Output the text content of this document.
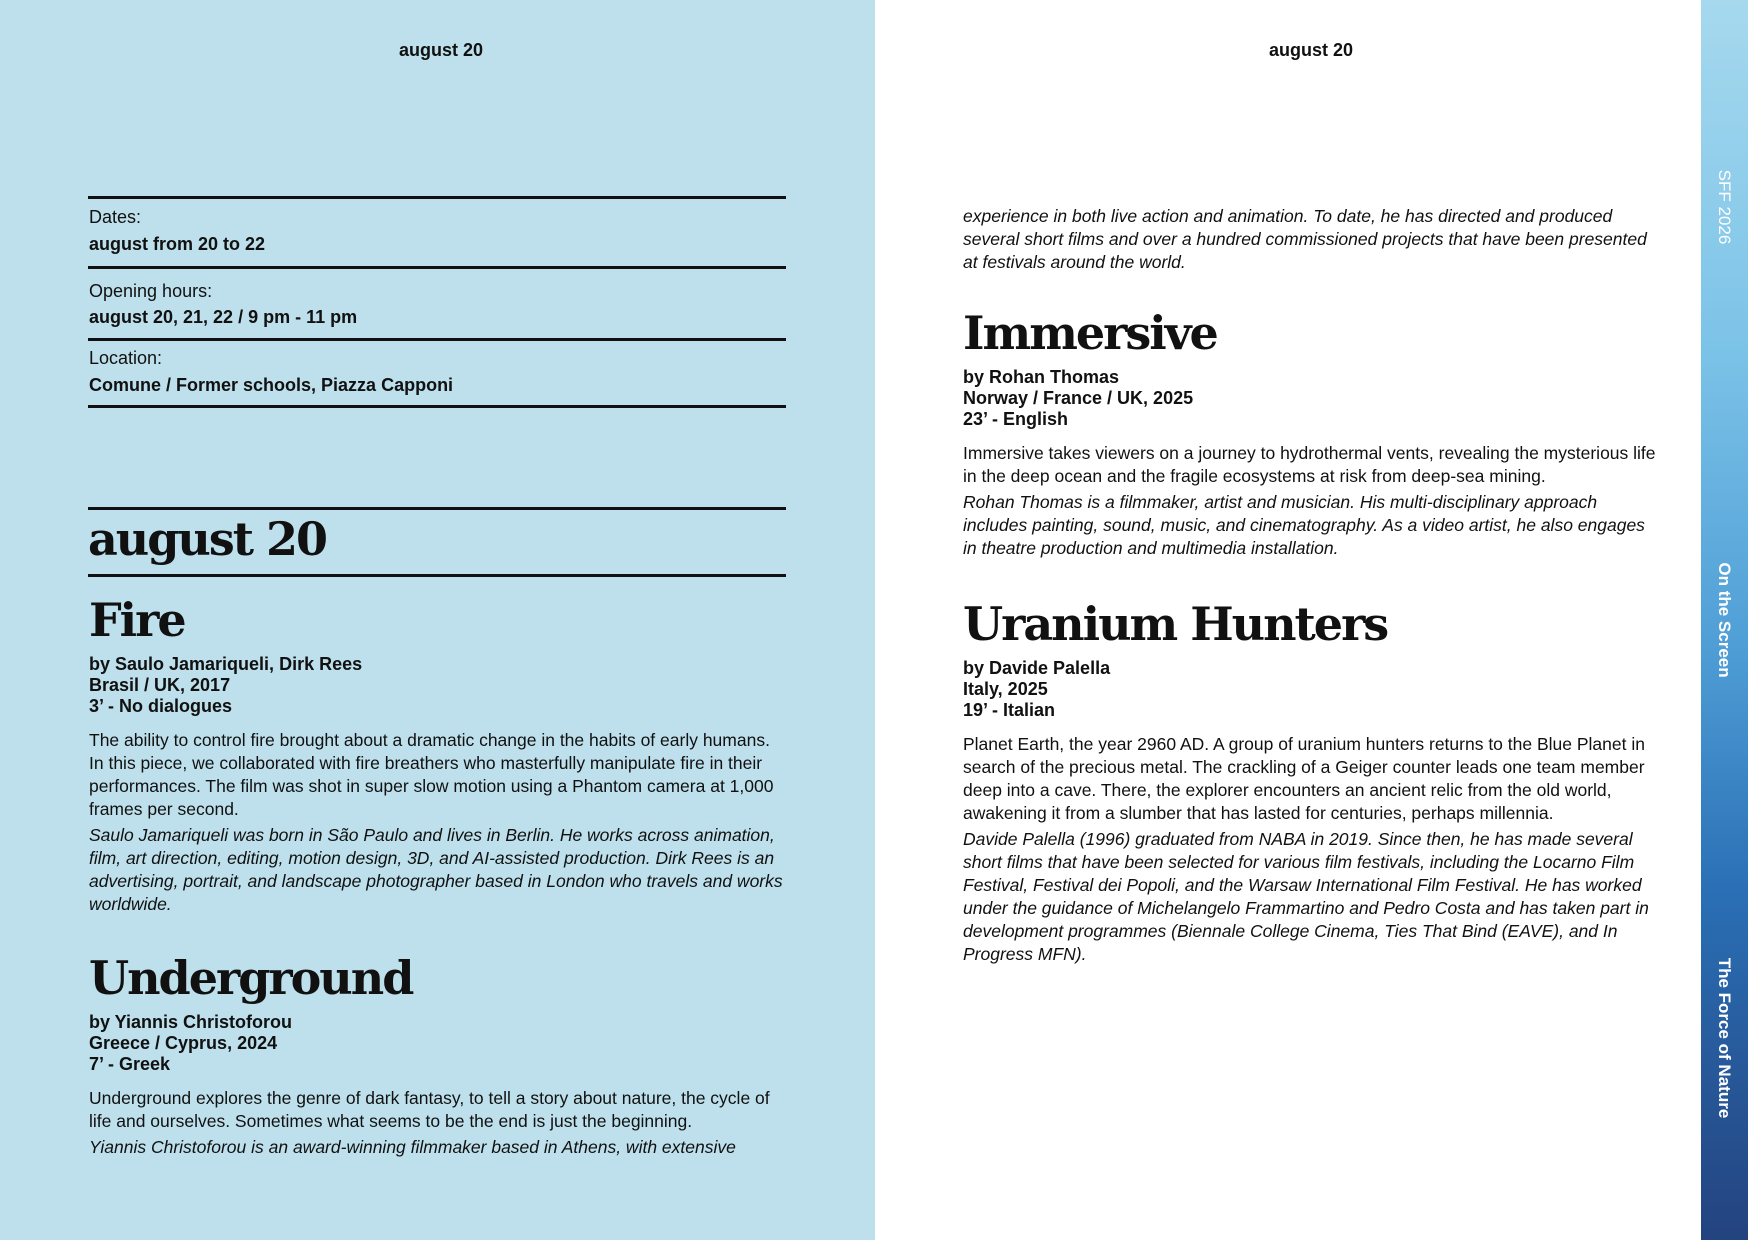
august 20
Dates:
august from 20 to 22
Opening hours:
august 20, 21, 22 / 9 pm - 11 pm
Location:
Comune / Former schools, Piazza Capponi
august 20
Fire
by Saulo Jamariqueli, Dirk Rees
Brasil / UK, 2017
3’ - No dialogues

The ability to control fire brought about a dramatic change in the habits of early humans. In this piece, we collaborated with fire breathers who masterfully manipulate fire in their performances. The film was shot in super slow motion using a Phantom camera at 1,000 frames per second.

Saulo Jamariqueli was born in São Paulo and lives in Berlin. He works across animation, film, art direction, editing, motion design, 3D, and AI-assisted production. Dirk Rees is an advertising, portrait, and landscape photographer based in London who travels and works worldwide.

Underground
by Yiannis Christoforou
Greece / Cyprus, 2024
7’ - Greek

Underground explores the genre of dark fantasy, to tell a story about nature, the cycle of life and ourselves. Sometimes what seems to be the end is just the beginning.

Yiannis Christoforou is an award-winning filmmaker based in Athens, with extensive

august 20

experience in both live action and animation. To date, he has directed and produced several short films and over a hundred commissioned projects that have been presented at festivals around the world.

Immersive
by Rohan Thomas
Norway / France / UK, 2025
23’ - English

Immersive takes viewers on a journey to hydrothermal vents, revealing the mysterious life in the deep ocean and the fragile ecosystems at risk from deep-sea mining.

Rohan Thomas is a filmmaker, artist and musician. His multi-disciplinary approach includes painting, sound, music, and cinematography. As a video artist, he also engages in theatre production and multimedia installation.

Uranium Hunters
by Davide Palella
Italy, 2025
19’ - Italian

Planet Earth, the year 2960 AD. A group of uranium hunters returns to the Blue Planet in search of the precious metal. The crackling of a Geiger counter leads one team member deep into a cave. There, the explorer encounters an ancient relic from the old world, awakening it from a slumber that has lasted for centuries, perhaps millennia.

Davide Palella (1996) graduated from NABA in 2019. Since then, he has made several short films that have been selected for various film festivals, including the Locarno Film Festival, Festival dei Popoli, and the Warsaw International Film Festival. He has worked under the guidance of Michelangelo Frammartino and Pedro Costa and has taken part in development programmes (Biennale College Cinema, Ties That Bind (EAVE), and In Progress MFN).

SFF 2026
On the Screen
The Force of Nature
